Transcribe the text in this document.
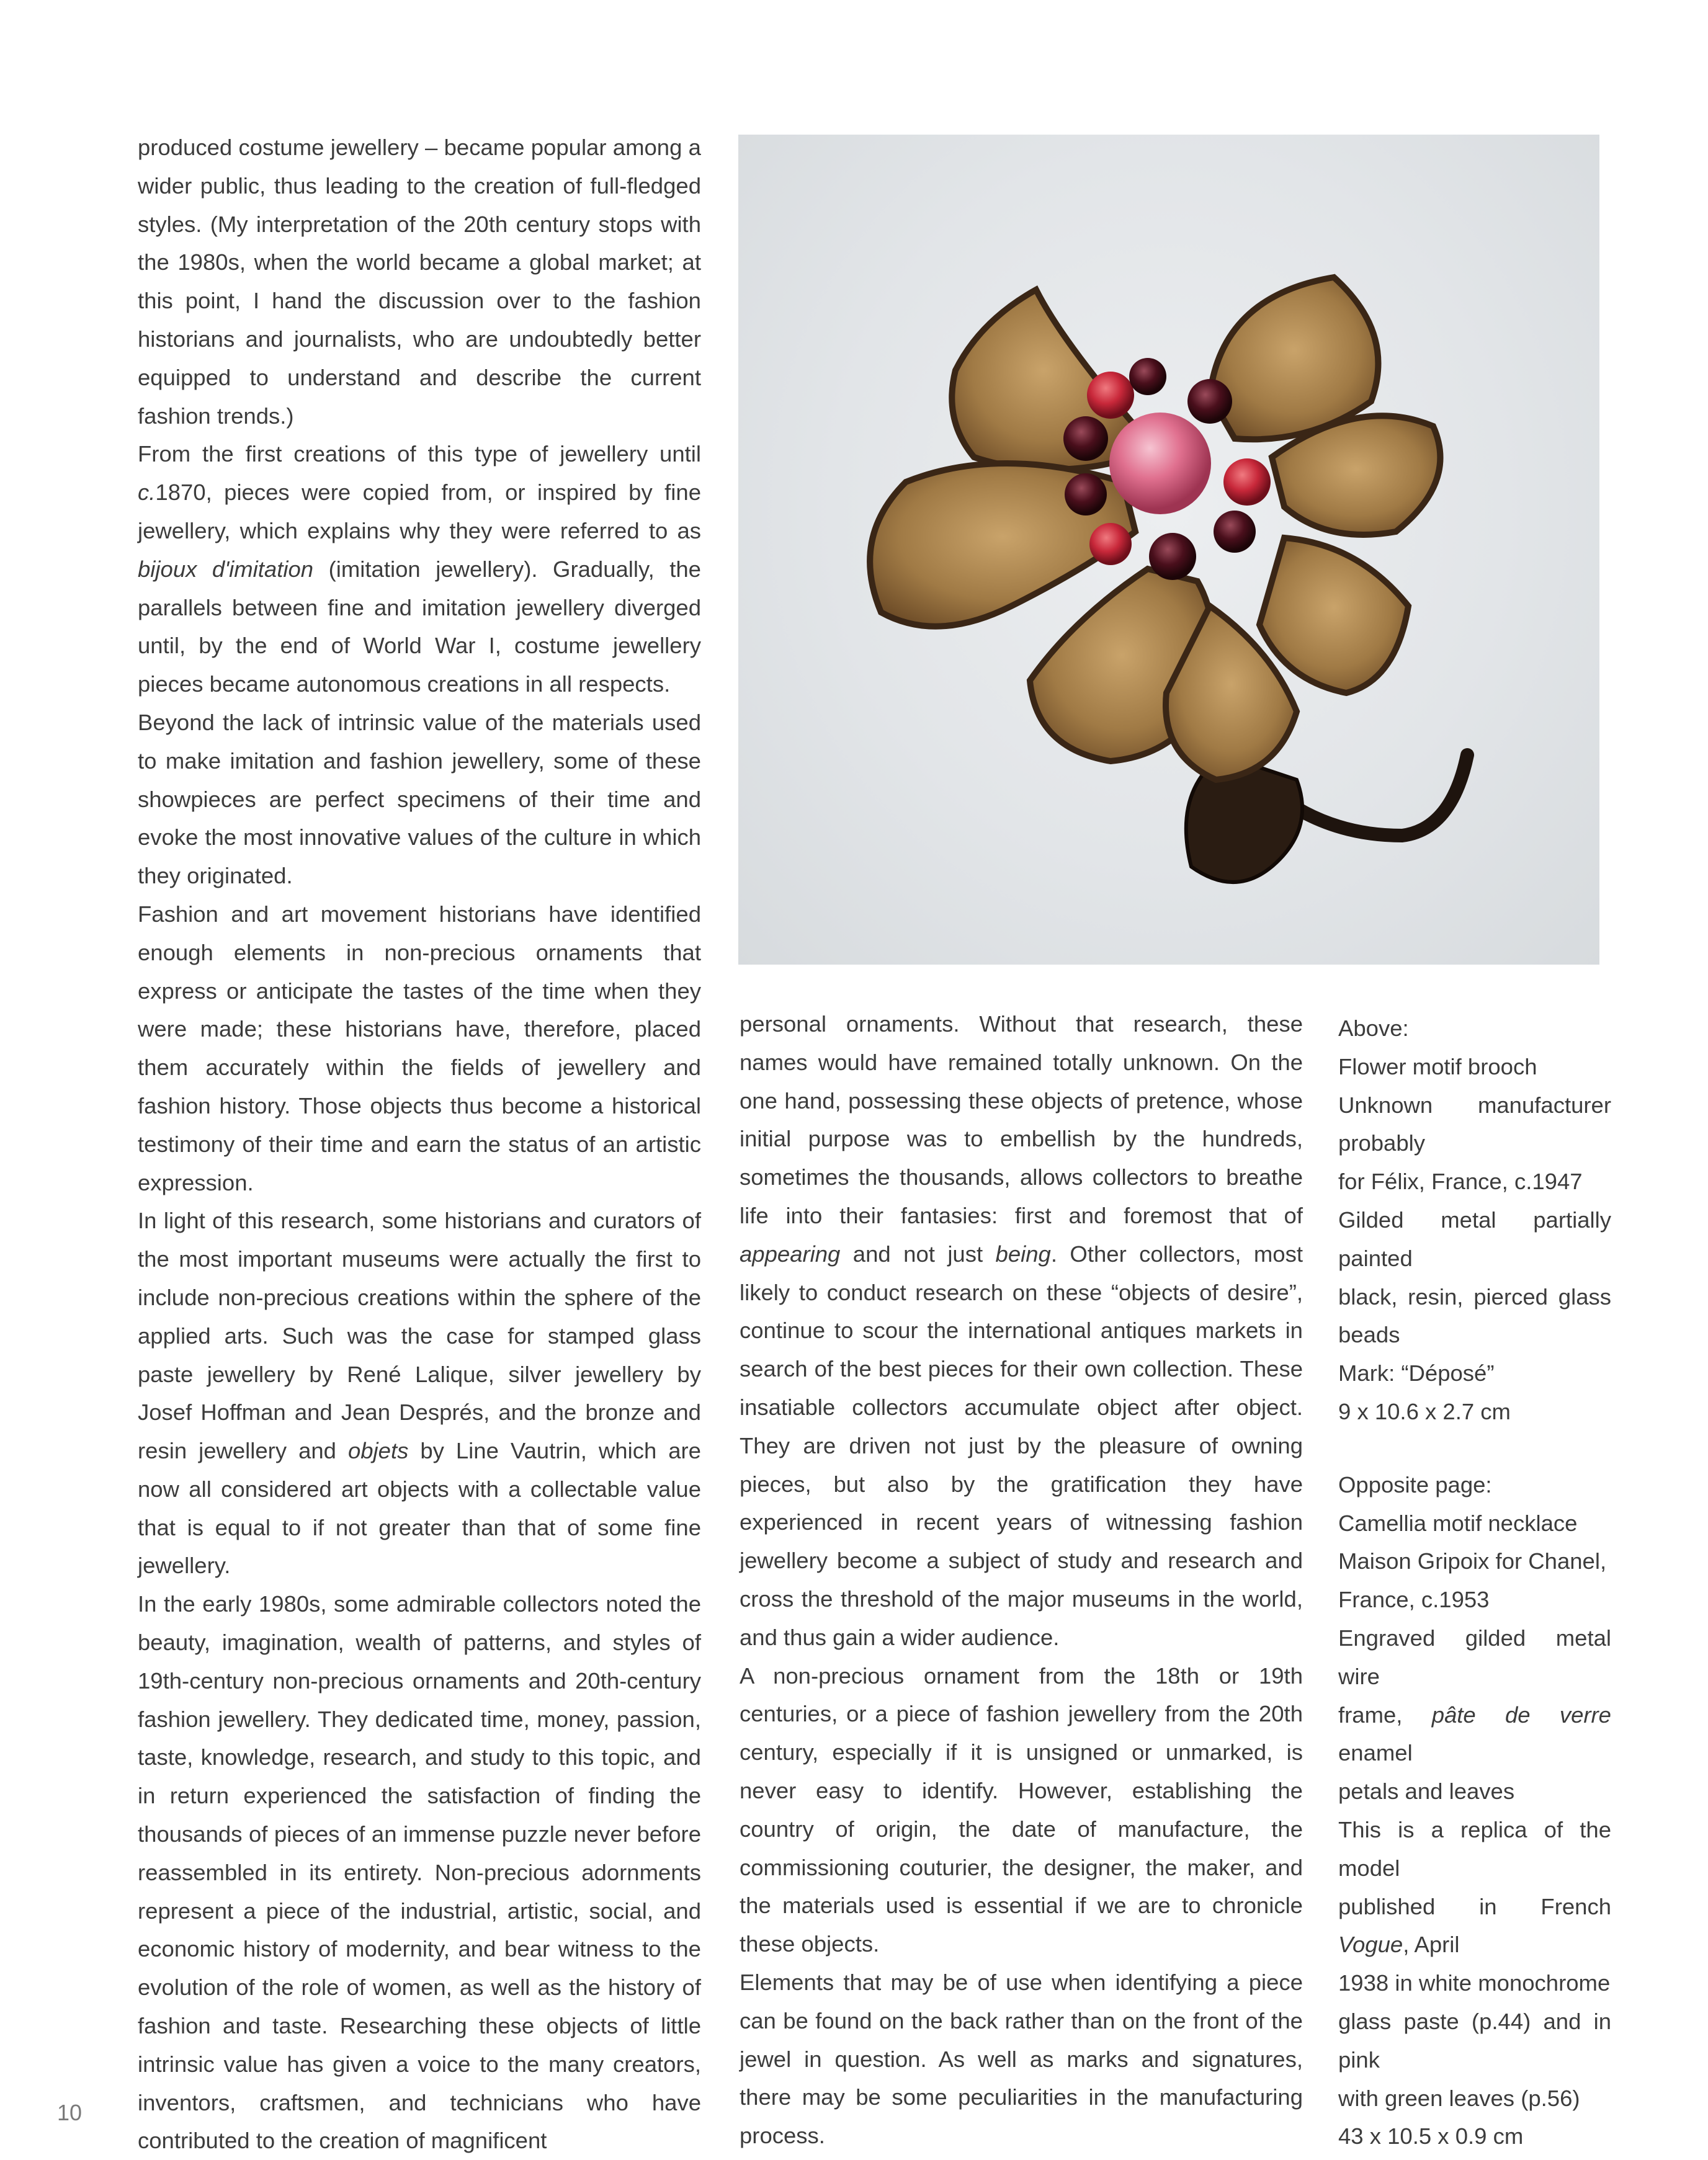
produced costume jewellery – became popular among a wider public, thus leading to the creation of full-fledged styles. (My interpretation of the 20th century stops with the 1980s, when the world became a global market; at this point, I hand the discussion over to the fashion historians and journalists, who are undoubtedly better equipped to understand and describe the current fashion trends.)

From the first creations of this type of jewellery until c.1870, pieces were copied from, or inspired by fine jewellery, which explains why they were referred to as bijoux d'imitation (imitation jewellery). Gradually, the parallels between fine and imitation jewellery diverged until, by the end of World War I, costume jewellery pieces became autonomous creations in all respects.

Beyond the lack of intrinsic value of the materials used to make imitation and fashion jewellery, some of these showpieces are perfect specimens of their time and evoke the most innovative values of the culture in which they originated.

Fashion and art movement historians have identified enough elements in non-precious ornaments that express or anticipate the tastes of the time when they were made; these historians have, therefore, placed them accurately within the fields of jewellery and fashion history. Those objects thus become a historical testimony of their time and earn the status of an artistic expression.

In light of this research, some historians and curators of the most important museums were actually the first to include non-precious creations within the sphere of the applied arts. Such was the case for stamped glass paste jewellery by René Lalique, silver jewellery by Josef Hoffman and Jean Després, and the bronze and resin jewellery and objets by Line Vautrin, which are now all considered art objects with a collectable value that is equal to if not greater than that of some fine jewellery.

In the early 1980s, some admirable collectors noted the beauty, imagination, wealth of patterns, and styles of 19th-century non-precious ornaments and 20th-century fashion jewellery. They dedicated time, money, passion, taste, knowledge, research, and study to this topic, and in return experienced the satisfaction of finding the thousands of pieces of an immense puzzle never before reassembled in its entirety. Non-precious adornments represent a piece of the industrial, artistic, social, and economic history of modernity, and bear witness to the evolution of the role of women, as well as the history of fashion and taste. Researching these objects of little intrinsic value has given a voice to the many creators, inventors, craftsmen, and technicians who have contributed to the creation of magnificent

personal ornaments. Without that research, these names would have remained totally unknown. On the one hand, possessing these objects of pretence, whose initial purpose was to embellish by the hundreds, sometimes the thousands, allows collectors to breathe life into their fantasies: first and foremost that of appearing and not just being. Other collectors, most likely to conduct research on these “objects of desire”, continue to scour the international antiques markets in search of the best pieces for their own collection. These insatiable collectors accumulate object after object. They are driven not just by the pleasure of owning pieces, but also by the gratification they have experienced in recent years of witnessing fashion jewellery become a subject of study and research and cross the threshold of the major museums in the world, and thus gain a wider audience.

A non-precious ornament from the 18th or 19th centuries, or a piece of fashion jewellery from the 20th century, especially if it is unsigned or unmarked, is never easy to identify. However, establishing the country of origin, the date of manufacture, the commissioning couturier, the designer, the maker, and the materials used is essential if we are to chronicle these objects.

Elements that may be of use when identifying a piece can be found on the back rather than on the front of the jewel in question. As well as marks and signatures, there may be some peculiarities in the manufacturing process.

Above:

Flower motif brooch

Unknown manufacturer probably

for Félix, France, c.1947

Gilded metal partially painted

black, resin, pierced glass beads

Mark: “Déposé”

9 x 10.6 x 2.7 cm

Opposite page:

Camellia motif necklace

Maison Gripoix for Chanel,

France, c.1953

Engraved gilded metal wire

frame, pâte de verre enamel

petals and leaves

This is a replica of the model

published in French Vogue, April

1938 in white monochrome

glass paste (p.44) and in pink

with green leaves (p.56)

43 x 10.5 x 0.9 cm

10
